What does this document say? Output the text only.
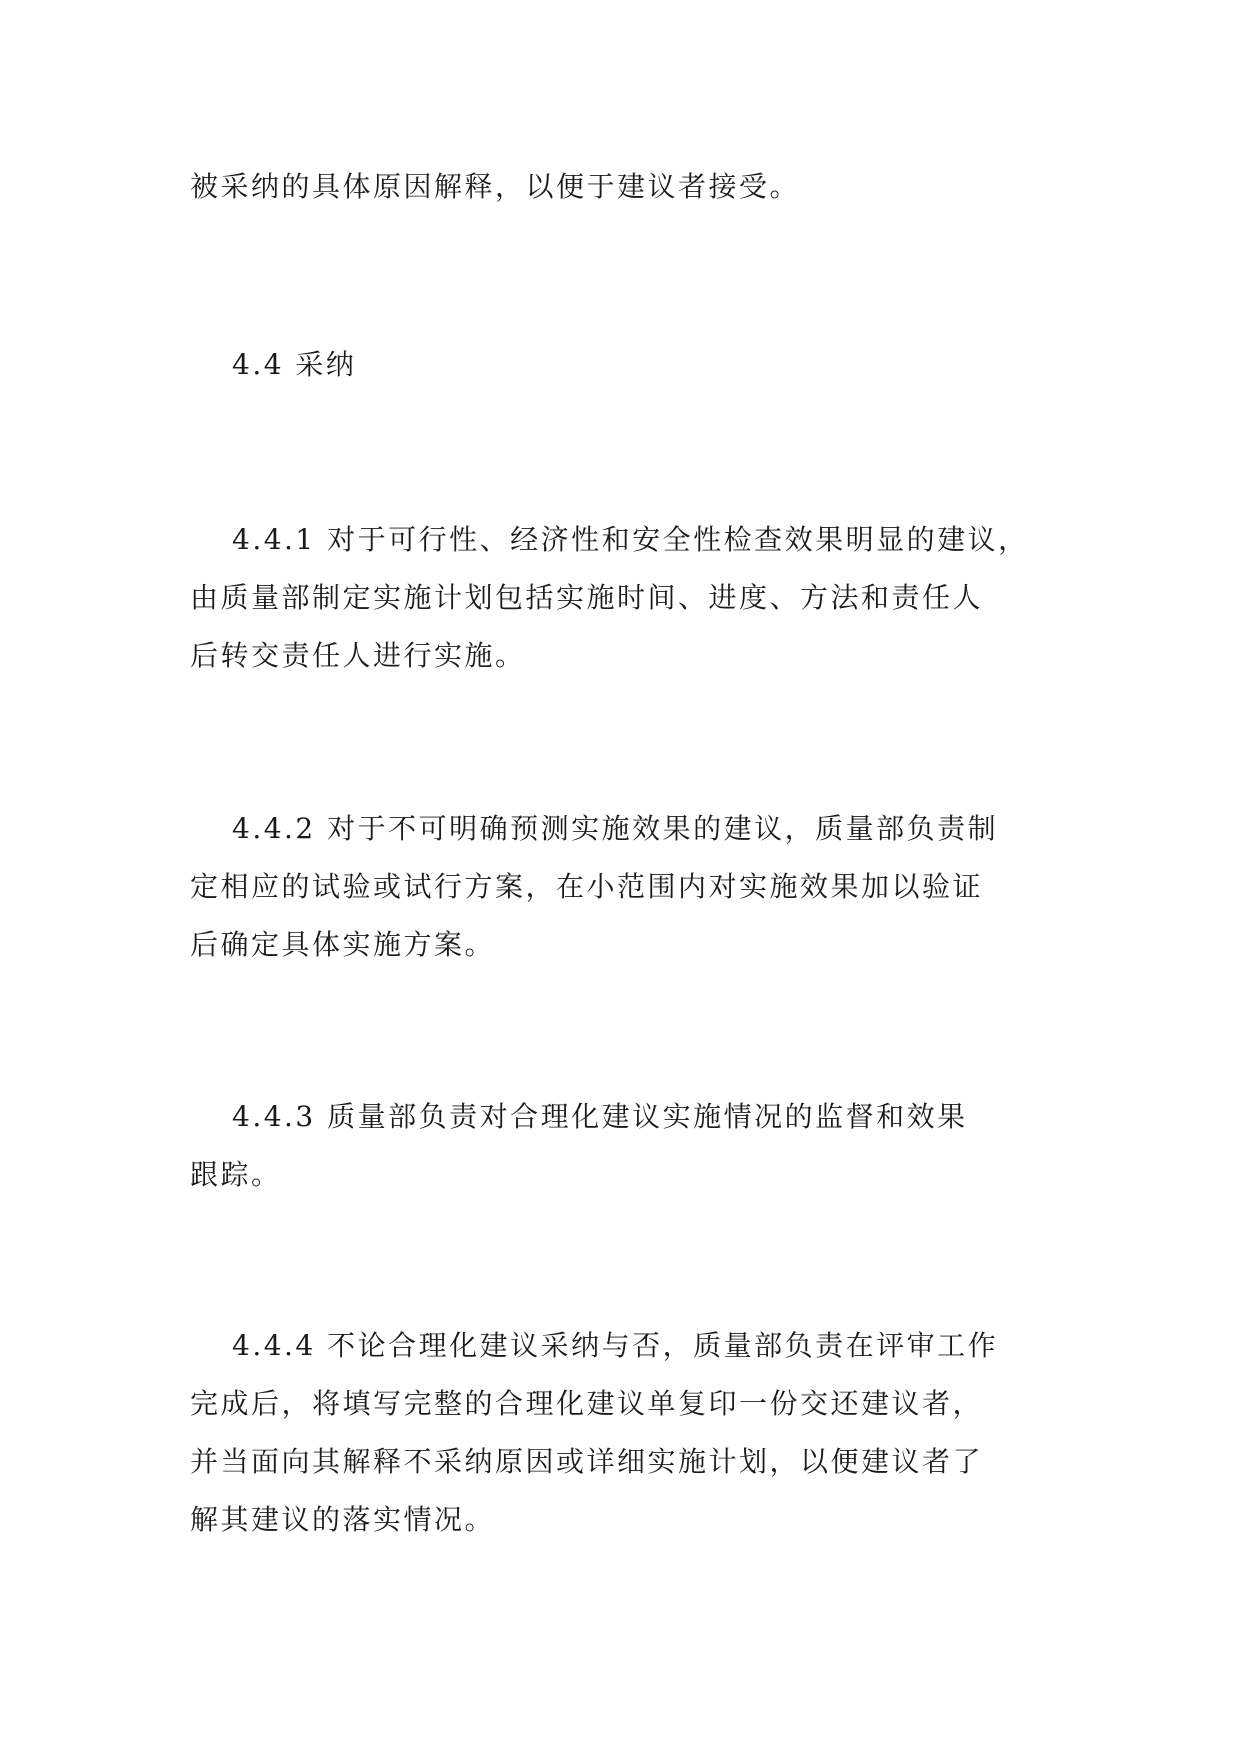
被采纳的具体原因解释，以便于建议者接受。

4.4 采纳

4.4.1 对于可行性、经济性和安全性检查效果明显的建议，
由质量部制定实施计划包括实施时间、进度、方法和责任人
后转交责任人进行实施。

4.4.2 对于不可明确预测实施效果的建议，质量部负责制
定相应的试验或试行方案，在小范围内对实施效果加以验证
后确定具体实施方案。

4.4.3 质量部负责对合理化建议实施情况的监督和效果
跟踪。

4.4.4 不论合理化建议采纳与否，质量部负责在评审工作
完成后，将填写完整的合理化建议单复印一份交还建议者，
并当面向其解释不采纳原因或详细实施计划，以便建议者了
解其建议的落实情况。
